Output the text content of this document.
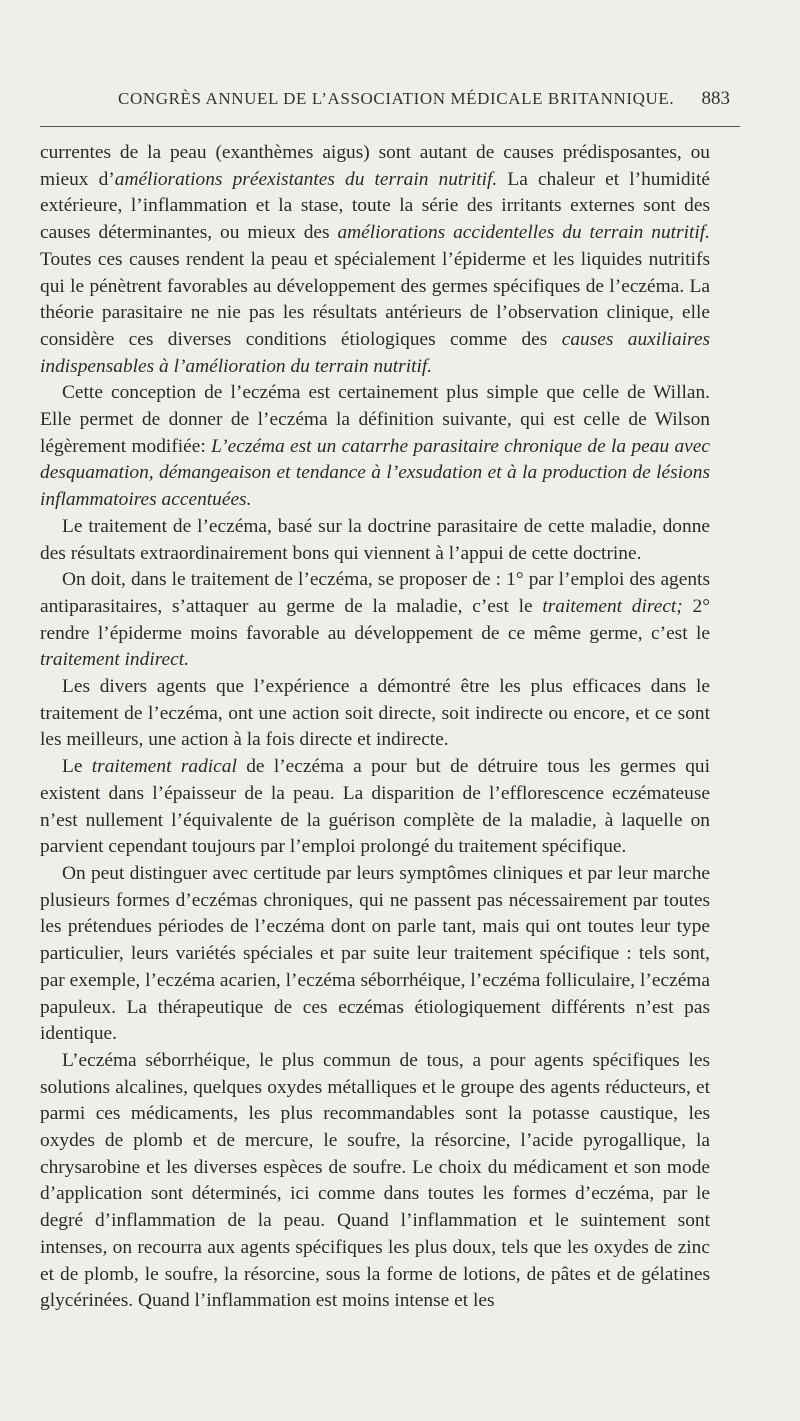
CONGRÈS ANNUEL DE L’ASSOCIATION MÉDICALE BRITANNIQUE. 883

currentes de la peau (exanthèmes aigus) sont autant de causes prédisposantes, ou mieux d’améliorations préexistantes du terrain nutritif. La chaleur et l’humidité extérieure, l’inflammation et la stase, toute la série des irritants externes sont des causes déterminantes, ou mieux des améliorations accidentelles du terrain nutritif. Toutes ces causes rendent la peau et spécialement l’épiderme et les liquides nutritifs qui le pénètrent favorables au développement des germes spécifiques de l’eczéma. La théorie parasitaire ne nie pas les résultats antérieurs de l’observation clinique, elle considère ces diverses conditions étiologiques comme des causes auxiliaires indispensables à l’amélioration du terrain nutritif.

Cette conception de l’eczéma est certainement plus simple que celle de Willan. Elle permet de donner de l’eczéma la définition suivante, qui est celle de Wilson légèrement modifiée: L’eczéma est un catarrhe parasitaire chronique de la peau avec desquamation, démangeaison et tendance à l’exsudation et à la production de lésions inflammatoires accentuées.

Le traitement de l’eczéma, basé sur la doctrine parasitaire de cette maladie, donne des résultats extraordinairement bons qui viennent à l’appui de cette doctrine.

On doit, dans le traitement de l’eczéma, se proposer de : 1° par l’emploi des agents antiparasitaires, s’attaquer au germe de la maladie, c’est le traitement direct; 2° rendre l’épiderme moins favorable au développement de ce même germe, c’est le traitement indirect.

Les divers agents que l’expérience a démontré être les plus efficaces dans le traitement de l’eczéma, ont une action soit directe, soit indirecte ou encore, et ce sont les meilleurs, une action à la fois directe et indirecte.

Le traitement radical de l’eczéma a pour but de détruire tous les germes qui existent dans l’épaisseur de la peau. La disparition de l’efflorescence eczémateuse n’est nullement l’équivalente de la guérison complète de la maladie, à laquelle on parvient cependant toujours par l’emploi prolongé du traitement spécifique.

On peut distinguer avec certitude par leurs symptômes cliniques et par leur marche plusieurs formes d’eczémas chroniques, qui ne passent pas nécessairement par toutes les prétendues périodes de l’eczéma dont on parle tant, mais qui ont toutes leur type particulier, leurs variétés spéciales et par suite leur traitement spécifique : tels sont, par exemple, l’eczéma acarien, l’eczéma séborrhéique, l’eczéma folliculaire, l’eczéma papuleux. La thérapeutique de ces eczémas étiologiquement différents n’est pas identique.

L’eczéma séborrhéique, le plus commun de tous, a pour agents spécifiques les solutions alcalines, quelques oxydes métalliques et le groupe des agents réducteurs, et parmi ces médicaments, les plus recommandables sont la potasse caustique, les oxydes de plomb et de mercure, le soufre, la résorcine, l’acide pyrogallique, la chrysarobine et les diverses espèces de soufre. Le choix du médicament et son mode d’application sont déterminés, ici comme dans toutes les formes d’eczéma, par le degré d’inflammation de la peau. Quand l’inflammation et le suintement sont intenses, on recourra aux agents spécifiques les plus doux, tels que les oxydes de zinc et de plomb, le soufre, la résorcine, sous la forme de lotions, de pâtes et de gélatines glycérinées. Quand l’inflammation est moins intense et les
